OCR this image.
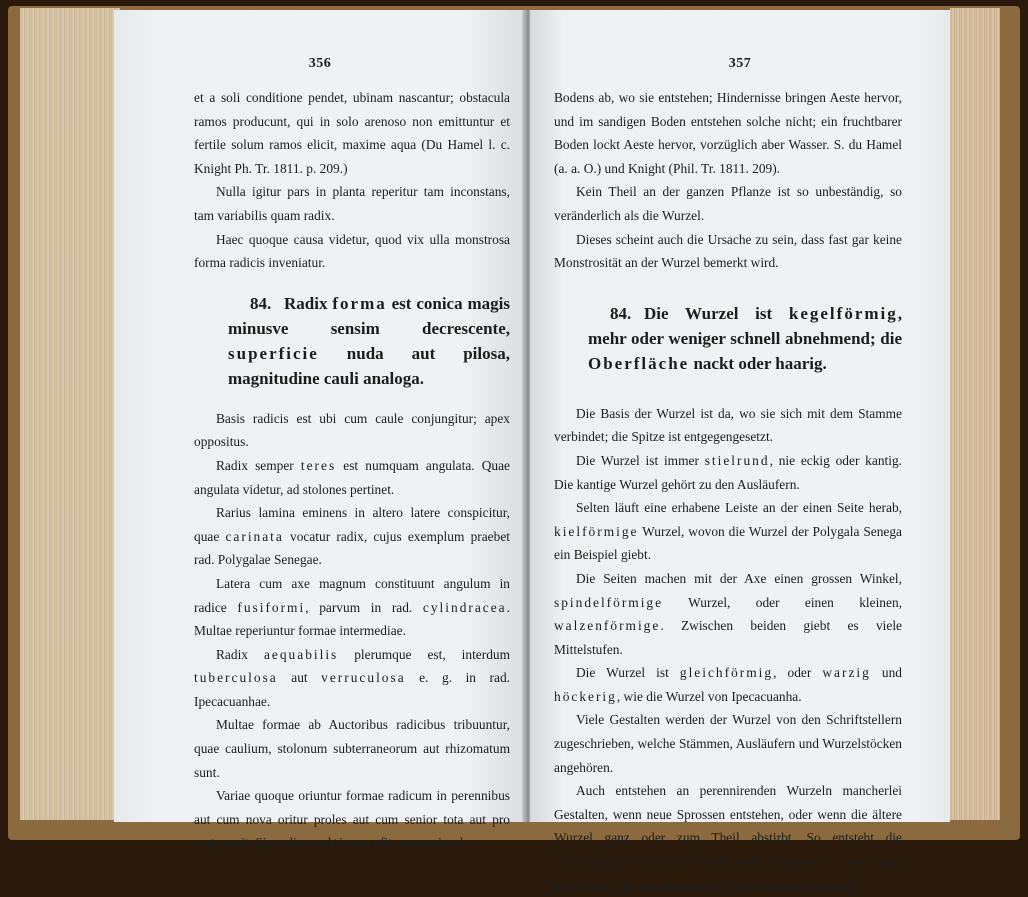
356

et a soli conditione pendet, ubinam nascantur; obstacula ramos producunt, qui in solo arenoso non emittuntur et fertile solum ramos elicit, maxime aqua (Du Hamel l. c. Knight Ph. Tr. 1811. p. 209.)

Nulla igitur pars in planta reperitur tam inconstans, tam variabilis quam radix.

Haec quoque causa videtur, quod vix ulla monstrosa forma radicis inveniatur.

84. Radix forma est conica magis minusve sensim decrescente, superficie nuda aut pilosa, magnitudine cauli analoga.

Basis radicis est ubi cum caule conjungitur; apex oppositus.

Radix semper teres est numquam angulata. Quae angulata videtur, ad stolones pertinet.

Rarius lamina eminens in altero latere conspicitur, quae carinata vocatur radix, cujus exemplum praebet rad. Polygalae Senegae.

Latera cum axe magnum constituunt angulum in radice fusiformi, parvum in rad. cylindracea. Multae reperiuntur formae intermediae.

Radix aequabilis plerumque est, interdum tuberculosa aut verruculosa e. g. in rad. Ipecacuanhae.

Multae formae ab Auctoribus radicibus tribuuntur, quae caulium, stolonum subterraneorum aut rhizomatum sunt.

Variae quoque oriuntur formae radicum in perennibus aut cum nova oritur proles aut cum senior tota aut pro parte perit. Sic radix multiceps fit a gemmis ad

357

Bodens ab, wo sie entstehen; Hindernisse bringen Aeste hervor, und im sandigen Boden entstehen solche nicht; ein fruchtbarer Boden lockt Aeste hervor, vorzüglich aber Wasser. S. du Hamel (a. a. O.) und Knight (Phil. Tr. 1811. 209).

Kein Theil an der ganzen Pflanze ist so unbeständig, so veränderlich als die Wurzel.

Dieses scheint auch die Ursache zu sein, dass fast gar keine Monstrosität an der Wurzel bemerkt wird.

84. Die Wurzel ist kegelförmig, mehr oder weniger schnell abnehmend; die Oberfläche nackt oder haarig.

Die Basis der Wurzel ist da, wo sie sich mit dem Stamme verbindet; die Spitze ist entgegengesetzt.

Die Wurzel ist immer stielrund, nie eckig oder kantig. Die kantige Wurzel gehört zu den Ausläufern.

Selten läuft eine erhabene Leiste an der einen Seite herab, kielförmige Wurzel, wovon die Wurzel der Polygala Senega ein Beispiel giebt.

Die Seiten machen mit der Axe einen grossen Winkel, spindelförmige Wurzel, oder einen kleinen, walzenförmige. Zwischen beiden giebt es viele Mittelstufen.

Die Wurzel ist gleichförmig, oder warzig und höckerig, wie die Wurzel von Ipecacuanha.

Viele Gestalten werden der Wurzel von den Schriftstellern zugeschrieben, welche Stämmen, Ausläufern und Wurzelstöcken angehören.

Auch entstehen an perennirenden Wurzeln mancherlei Gestalten, wenn neue Sprossen entstehen, oder wenn die ältere Wurzel ganz oder zum Theil abstirbt. So entsteht die vielköpfige Wurzel, wenn viele Knospen an der Basis austreiben; die abgebissene, wenn die Hauptwurzel
